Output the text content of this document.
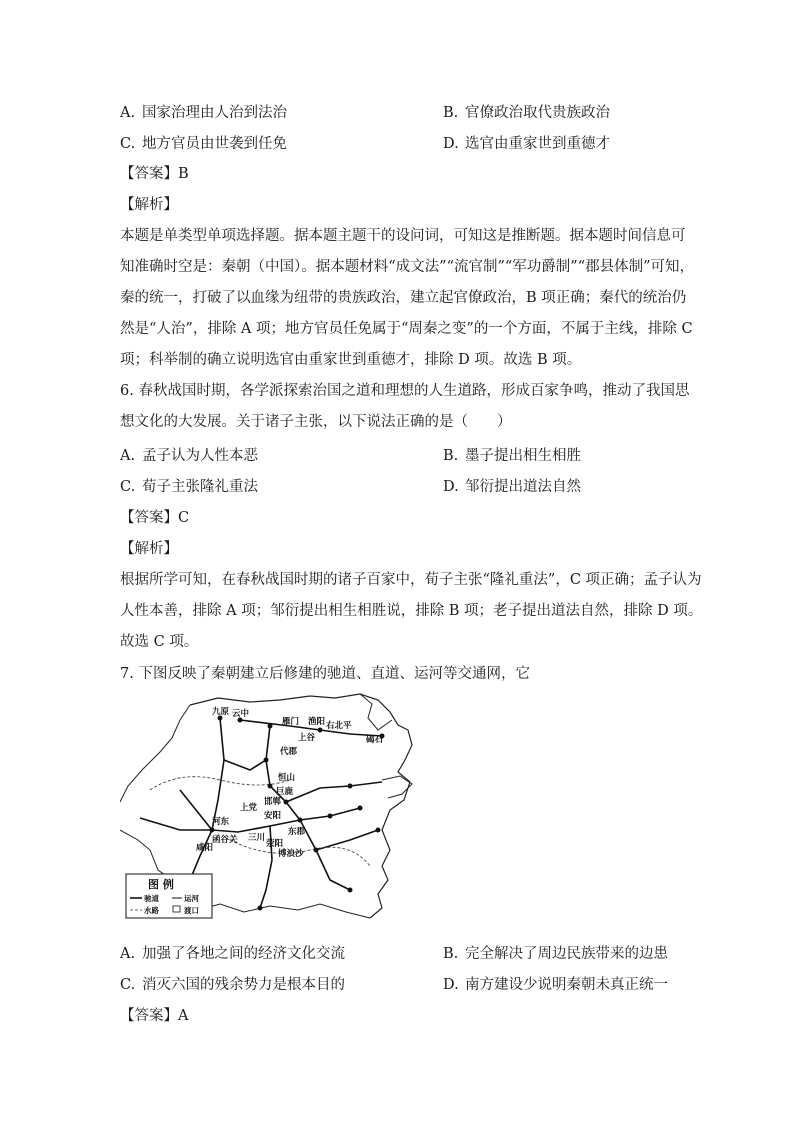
A. 国家治理由人治到法治	B. 官僚政治取代贵族政治
C. 地方官员由世袭到任免	D. 选官由重家世到重德才
【答案】B
【解析】
本题是单类型单项选择题。据本题主题干的设问词，可知这是推断题。据本题时间信息可
知准确时空是：秦朝（中国）。据本题材料“成文法”“流官制”“军功爵制”“郡县体制”可知，
秦的统一，打破了以血缘为纽带的贵族政治，建立起官僚政治，B 项正确；秦代的统治仍
然是“人治”，排除 A 项；地方官员任免属于“周秦之变”的一个方面，不属于主线，排除 C
项；科举制的确立说明选官由重家世到重德才，排除 D 项。故选 B 项。
6. 春秋战国时期，各学派探索治国之道和理想的人生道路，形成百家争鸣，推动了我国思
想文化的大发展。关于诸子主张，以下说法正确的是（　　）
A. 孟子认为人性本恶	B. 墨子提出相生相胜
C. 荀子主张隆礼重法	D. 邹衍提出道法自然
【答案】C
【解析】
根据所学可知，在春秋战国时期的诸子百家中，荀子主张“隆礼重法”，C 项正确；孟子认为
人性本善，排除 A 项；邹衍提出相生相胜说，排除 B 项；老子提出道法自然，排除 D 项。
故选 C 项。
7. 下图反映了秦朝建立后修建的驰道、直道、运河等交通网，它
九原 云中
雁门
代郡
上谷
渔阳 右北平
碣石
恒山
巨鹿
邯郸
上党
安阳
东郡
河东
函谷关
咸阳
三川
荥阳
博浪沙
图 例
驰道	运河
水路	渡口
A. 加强了各地之间的经济文化交流	B. 完全解决了周边民族带来的边患
C. 消灭六国的残余势力是根本目的	D. 南方建设少说明秦朝未真正统一
【答案】A
